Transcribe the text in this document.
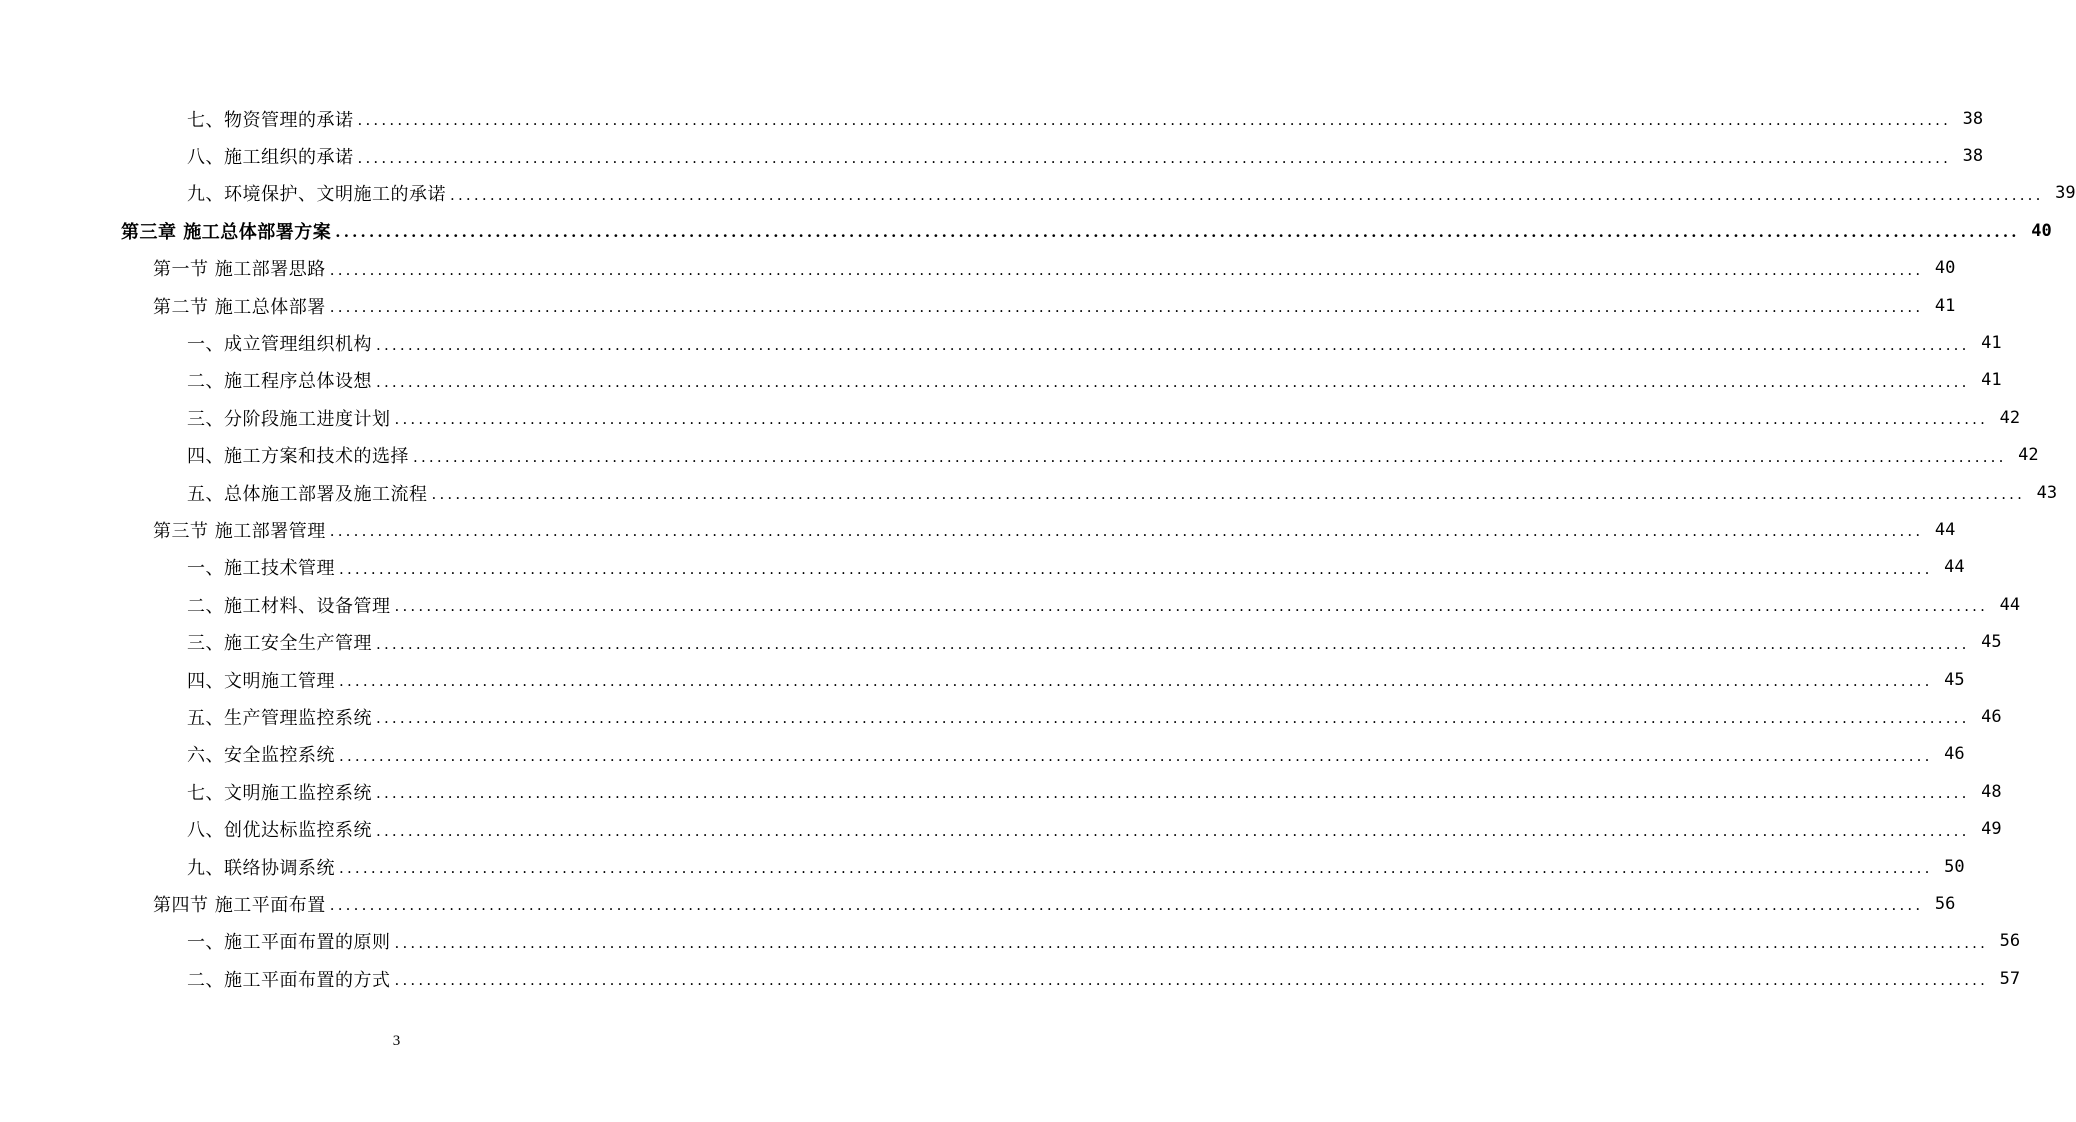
七、物资管理的承诺 ........................................................................................................................................................................................................ 38
八、施工组织的承诺 ........................................................................................................................................................................................................ 38
九、环境保护、文明施工的承诺 ........................................................................................................................................................................................................ 39
第三章 施工总体部署方案 ........................................................................................................................................................................................................ 40
第一节 施工部署思路 ........................................................................................................................................................................................................ 40
第二节 施工总体部署 ........................................................................................................................................................................................................ 41
一、成立管理组织机构 ........................................................................................................................................................................................................ 41
二、施工程序总体设想 ........................................................................................................................................................................................................ 41
三、分阶段施工进度计划 ........................................................................................................................................................................................................ 42
四、施工方案和技术的选择 ........................................................................................................................................................................................................ 42
五、总体施工部署及施工流程 ........................................................................................................................................................................................................ 43
第三节 施工部署管理 ........................................................................................................................................................................................................ 44
一、施工技术管理 ........................................................................................................................................................................................................ 44
二、施工材料、设备管理 ........................................................................................................................................................................................................ 44
三、施工安全生产管理 ........................................................................................................................................................................................................ 45
四、文明施工管理 ........................................................................................................................................................................................................ 45
五、生产管理监控系统 ........................................................................................................................................................................................................ 46
六、安全监控系统 ........................................................................................................................................................................................................ 46
七、文明施工监控系统 ........................................................................................................................................................................................................ 48
八、创优达标监控系统 ........................................................................................................................................................................................................ 49
九、联络协调系统 ........................................................................................................................................................................................................ 50
第四节 施工平面布置 ........................................................................................................................................................................................................ 56
一、施工平面布置的原则 ........................................................................................................................................................................................................ 56
二、施工平面布置的方式 ........................................................................................................................................................................................................ 57
3
